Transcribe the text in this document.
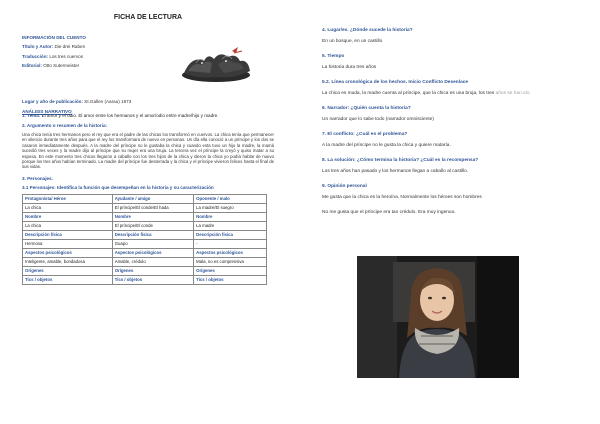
FICHA DE LECTURA
INFORMACIÓN DEL CUENTO
Título y Autor: Die drei Raben
Traducción: Los tres cuervos
Editorial: Otto Sutermeister
Lugar y año de publicación: St.Gallen (Aarau) 1873
ANÁLISIS NARRATIVO
1. Tema: El amor y el odio. El amor entre los hermanos y el amor/odio entre madre/hijo y madre.
2. Argumento o resumen de la historia:
Una chica tenía tres hermanos pero el rey que era el padre de las chicas los transformó en cuervos. La chica tenía que permanecer en silencio durante tres años para que el rey los transformara de nuevo en personas. Un día ella conoció a un príncipe y los dos se casaron inmediatamente después. A la madre del príncipe no le gustaba la chica y cuando esta tuvo un hijo la madre, la mamá sucedió tres veces y la madre dijo al príncipe que su mujer era una bruja. La tercera vez el príncipe la creyó y quiso matar a su esposa. En este momento tres chicos llegaron a caballo con los tres hijos de la chica y dieron la chica yo podía hablar de nuevo porque los tres años habían terminado. La madre del príncipe fue desterrada y la chica y el príncipe vivieron felices hasta el final de sus vidas.
3. Personajes.
3.1 Personajes: Identifica la función que desempeñan en la historia y su caracterización
Protagonista/ Héroe	Ayudante / amigo	Oponente / malo
La chica	El príncipe/El conde/El hada	La madre/El suegro
Nombre	Nombre	Nombre
La chica	El príncipe/El conde	La madre
Descripción física	Descripción física	Descripción física
Hermosa	Guapo	-
Aspectos psicológicos	Aspectos psicológicos	Aspectos psicológicos
Inteligente, amable, bondadosa	Amable, crédulo	Mala, no es comprensiva
Orígenes	Orígenes	Orígenes
Tics / objetos	Tics / objetos	Tics / objetos
4. Lugar/es. ¿Dónde sucede la historia?
En un bosque, en un castillo
5. Tiempo
La historia dura tres años
5.2. Línea cronológica de los hechos. Inicio Conflicto Desenlace
La chica es muda, la madre cuenta al príncipe, que la chica es una bruja, los tres años se han ido.
6. Narrador: ¿Quién cuenta la historia?
Un narrador que lo sabe todo (narrador omnisciente)
7. El conflicto: ¿Cuál es el problema?
A la madre del príncipe no le gusta la chica y quiere mataría.
8. La solución: ¿Cómo termina la historia? ¿Cuál es la recompensa?
Los tres años han pasado y los hermanos llegan a caballo al castillo.
9. Opinión personal
Me gusta que la chica es la heroína. Normalmente los héroes son hombres
No me gusta que el príncipe era tan crédulo. Era muy ingenuo.
